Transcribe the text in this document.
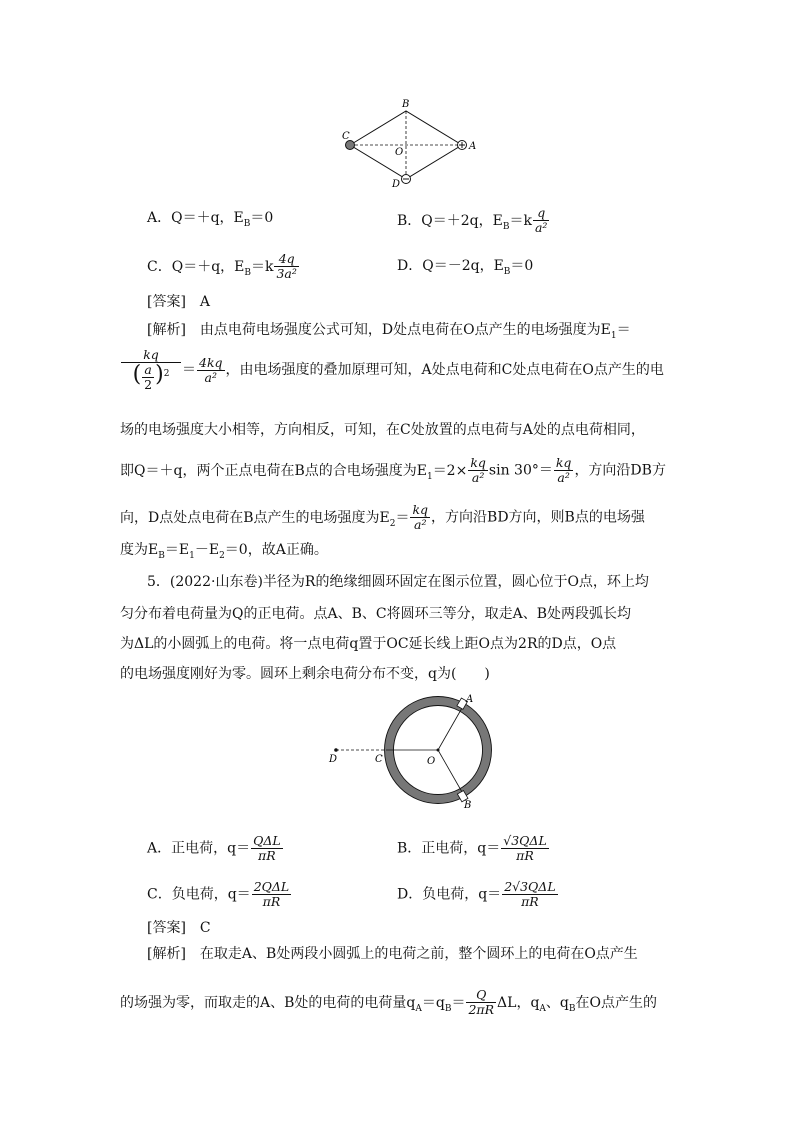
B
C
O
A
D
A．Q＝＋q，$E_B=0$	B．Q＝＋2q，$E_B=k \frac{q}{\text{a²}}$
C．Q＝＋q，$E_B=k \frac{4q}{\text{3a²}}$	D．Q＝－2q，$E_B=0$
[答案]　A
[解析]　由点电荷电场强度公式可知，D处点电荷在O点产生的电场强度为$E_1=$
$\frac{kq}{( \frac{a}{2} )^2} = \frac{4kq}{\text{a²}}$ ，由电场强度的叠加原理可知，A处点电荷和C处点电荷在O点产生的电
场的电场强度大小相等，方向相反，可知，在C处放置的点电荷与A处的点电荷相同，
即Q＝＋q，两个正点电荷在B点的合电场强度为$E_1=2\times \frac{kq}{\text{a²}}$ $\sin 30^\circ= \frac{kq}{\text{a²}}$ ，方向沿DB方
向，D点处点电荷在B点产生的电场强度为$E_2= \frac{kq}{\text{a²}}$ ，方向沿BD方向，则B点的电场强
度为$E_B=E_1-E_2=0$，故A正确。
5．(2022·山东卷)半径为R的绝缘细圆环固定在图示位置，圆心位于O点，环上均
匀分布着电荷量为Q的正电荷。点A、B、C将圆环三等分，取走A、B处两段弧长均
为ΔL的小圆弧上的电荷。将一点电荷q置于OC延长线上距O点为2R的D点，O点
的电场强度刚好为零。圆环上剩余电荷分布不变，q为(　　)
A
B
C
D	O
A．正电荷，$q= \frac{\text{QΔL}}{\pi R}$	B．正电荷，$q= \frac{\text{√3QΔL}}{\pi R}$
C．负电荷，$q= \frac{\text{2QΔL}}{\pi R}$	D．负电荷，$q= \frac{\text{2√3QΔL}}{\pi R}$
[答案]　C
[解析]　在取走A、B处两段小圆弧上的电荷之前，整个圆环上的电荷在O点产生
的场强为零，而取走的A、B处的电荷的电荷量$q_A=q_B= \frac{Q}{2\pi R}$ ΔL，$q_A$、$q_B$在O点产生的
